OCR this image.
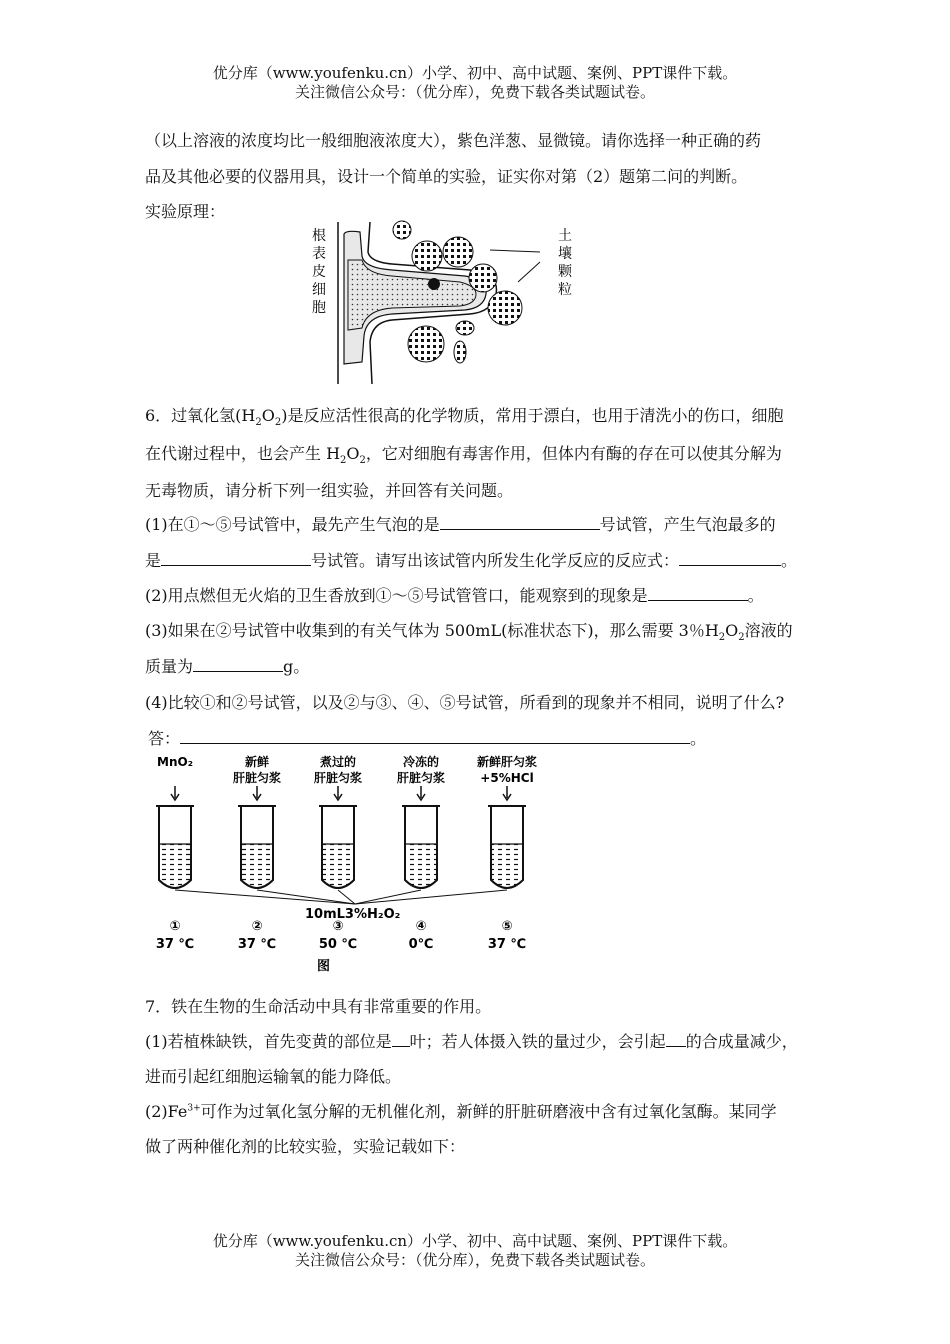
优分库（www.youfenku.cn）小学、初中、高中试题、案例、PPT课件下载。

关注微信公众号：（优分库），免费下载各类试题试卷。

（以上溶液的浓度均比一般细胞液浓度大），紫色洋葱、显微镜。请你选择一种正确的药
品及其他必要的仪器用具，设计一个简单的实验，证实你对第（2）题第二问的判断。
实验原理：
根
表
皮
细
胞
土
壤
颗
粒
6．过氧化氢$(H_2O_2)$是反应活性很高的化学物质，常用于漂白，也用于清洗小的伤口，细胞
在代谢过程中，也会产生 $H_2O_2$，它对细胞有毒害作用，但体内有酶的存在可以使其分解为
无毒物质，请分析下列一组实验，并回答有关问题。
(1)在①～⑤号试管中，最先产生气泡的是	号试管，产生气泡最多的
是	号试管。请写出该试管内所发生化学反应的反应式：	。
(2)用点燃但无火焰的卫生香放到①～⑤号试管管口，能观察到的现象是	。
(3)如果在②号试管中收集到的有关气体为 500mL(标准状态下)，那么需要 3％$H_2O_2$溶液的
质量为	g。
(4)比较①和②号试管，以及②与③、④、⑤号试管，所看到的现象并不相同，说明了什么?
答：	。
MnO₂
①
37 ℃
新鲜
肝脏匀浆
②
37 ℃
煮过的
肝脏匀浆
③
50 ℃
冷冻的
肝脏匀浆
④
0℃
新鲜肝匀浆
+5%HCl
⑤
37 ℃
10mL3%H₂O₂
图
7．铁在生物的生命活动中具有非常重要的作用。
(1)若植株缺铁，首先变黄的部位是 叶；若人体摄入铁的量过少，会引起 的合成量减少，
进而引起红细胞运输氧的能力降低。
$(2)Fe^{3+}$可作为过氧化氢分解的无机催化剂，新鲜的肝脏研磨液中含有过氧化氢酶。某同学
做了两种催化剂的比较实验，实验记载如下：

优分库（www.youfenku.cn）小学、初中、高中试题、案例、PPT课件下载。

关注微信公众号：（优分库），免费下载各类试题试卷。
